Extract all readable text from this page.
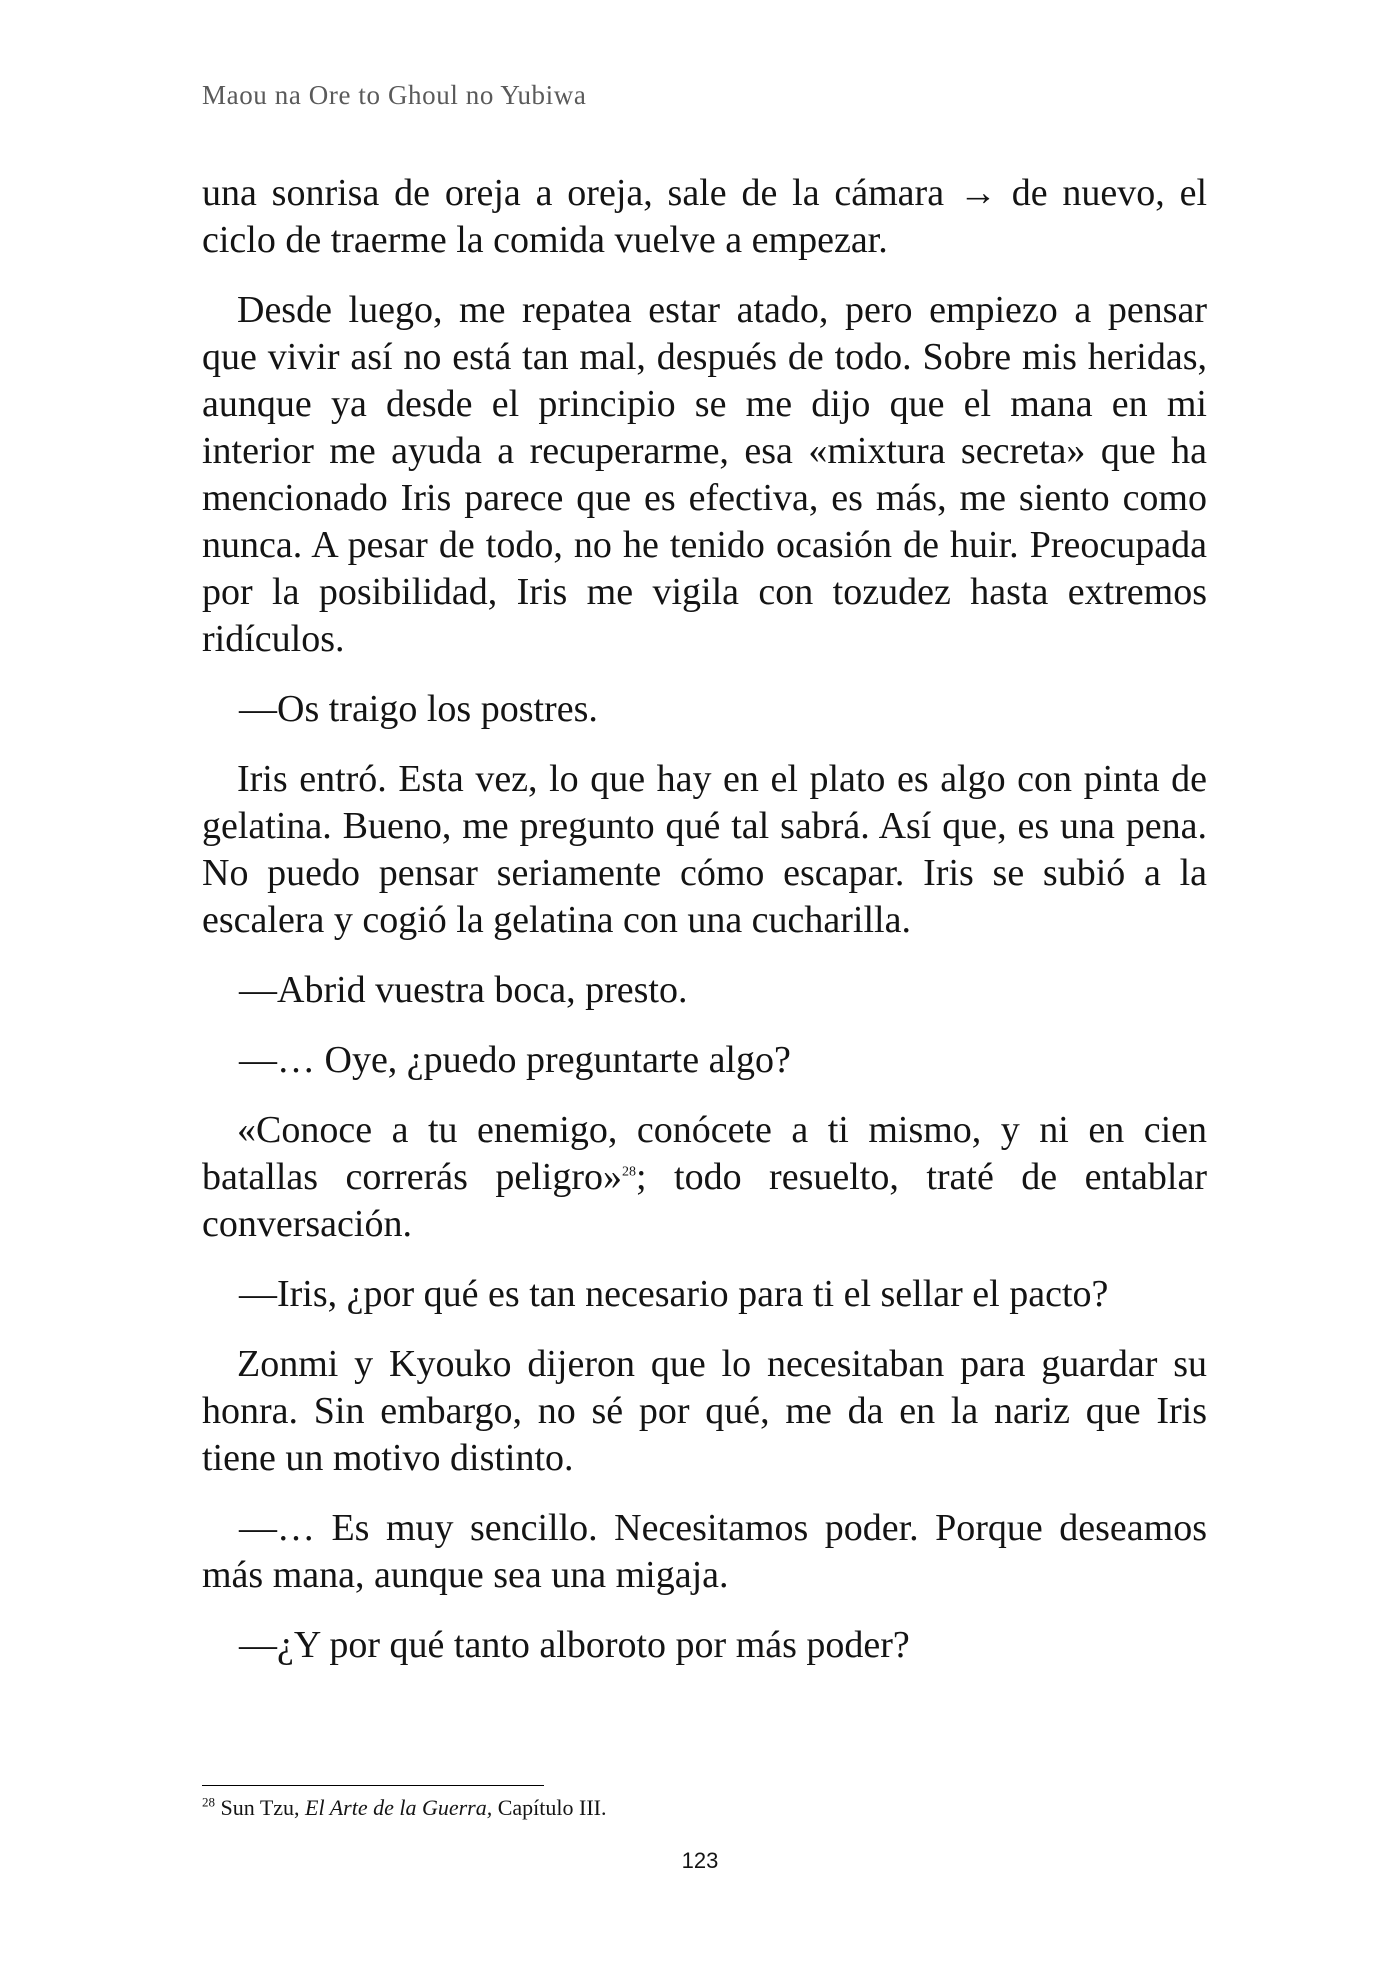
Maou na Ore to Ghoul no Yubiwa

una sonrisa de oreja a oreja, sale de la cámara → de nuevo, el ciclo de traerme la comida vuelve a empezar.

Desde luego, me repatea estar atado, pero empiezo a pensar que vivir así no está tan mal, después de todo. Sobre mis heridas, aunque ya desde el principio se me dijo que el mana en mi interior me ayuda a recuperarme, esa «mixtura secreta» que ha mencionado Iris parece que es efectiva, es más, me siento como nunca. A pesar de todo, no he tenido ocasión de huir. Preocupada por la posibilidad, Iris me vigila con tozudez hasta extremos ridículos.

—Os traigo los postres.

Iris entró. Esta vez, lo que hay en el plato es algo con pinta de gelatina. Bueno, me pregunto qué tal sabrá. Así que, es una pena. No puedo pensar seriamente cómo escapar. Iris se subió a la escalera y cogió la gelatina con una cucharilla.

—Abrid vuestra boca, presto.

—… Oye, ¿puedo preguntarte algo?

«Conoce a tu enemigo, conócete a ti mismo, y ni en cien batallas correrás peligro»$^{28}$; todo resuelto, traté de entablar conversación.

—Iris, ¿por qué es tan necesario para ti el sellar el pacto?

Zonmi y Kyouko dijeron que lo necesitaban para guardar su honra. Sin embargo, no sé por qué, me da en la nariz que Iris tiene un motivo distinto.

—… Es muy sencillo. Necesitamos poder. Porque deseamos más mana, aunque sea una migaja.

—¿Y por qué tanto alboroto por más poder?

$^{28}$ Sun Tzu, El Arte de la Guerra, Capítulo III.

123
